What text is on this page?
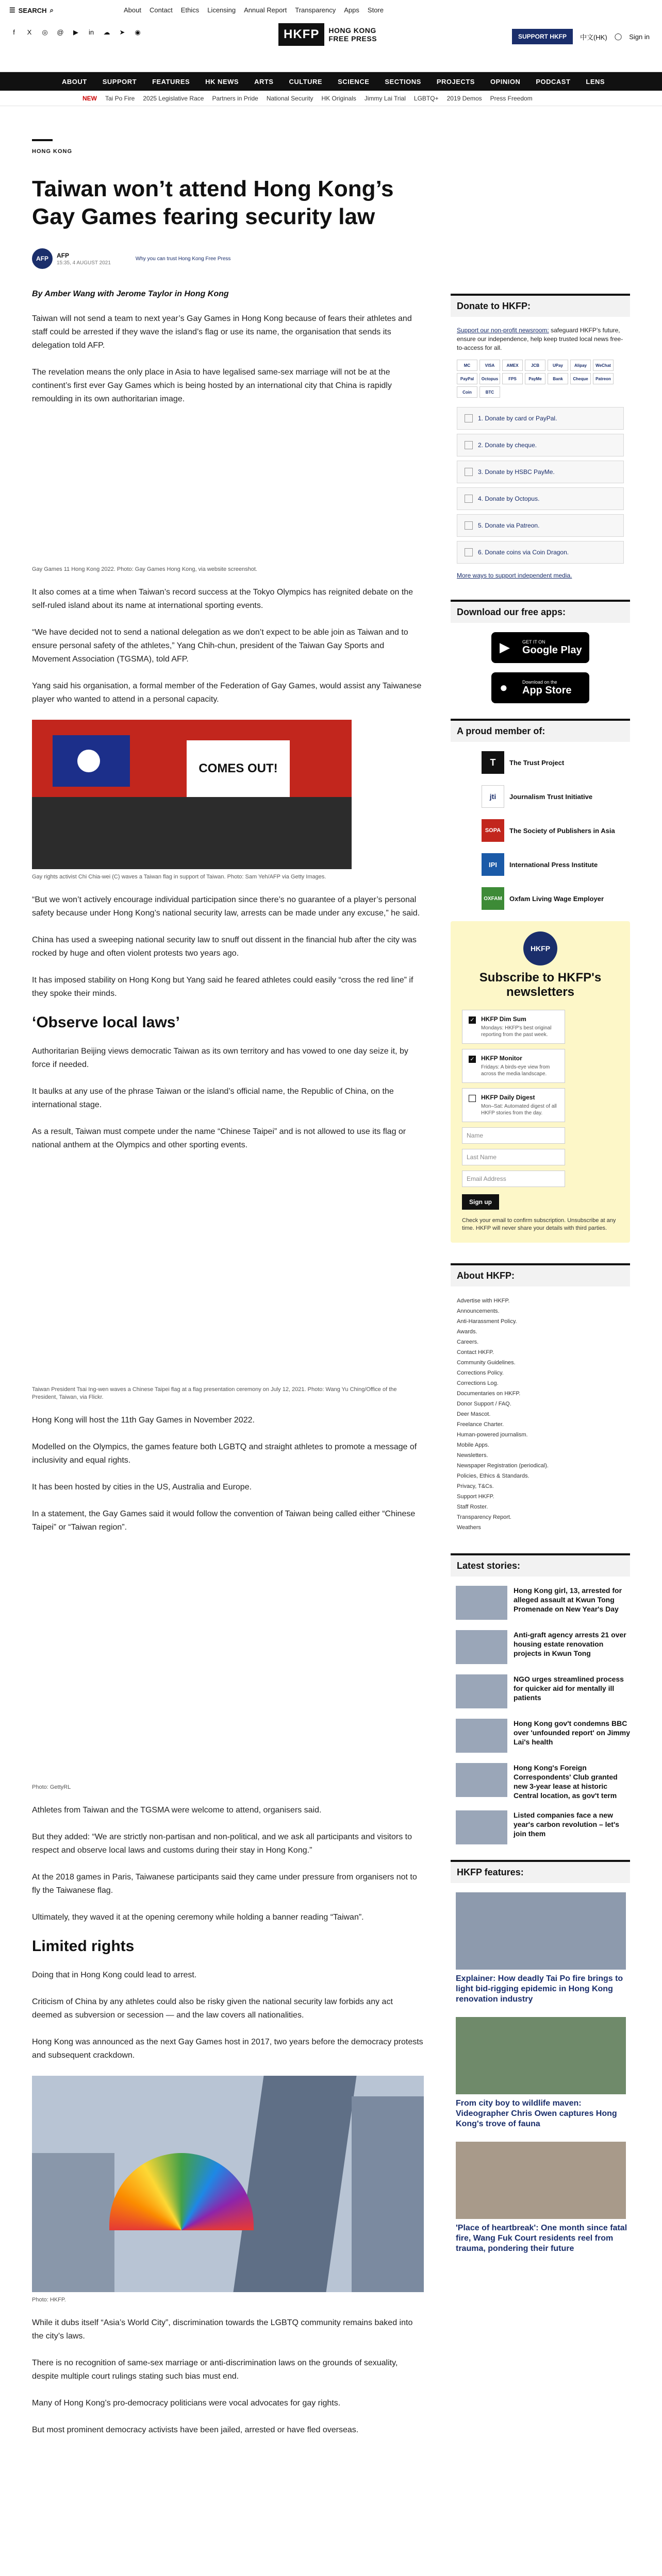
☰ SEARCH ⌕	About Contact Ethics Licensing Annual Report Transparency Apps Store
f	X	◎ @	▶	in	☁ ➤ ◉	HKFP	HONG KONG
FREE PRESS	SUPPORT HKFP	中文(HK) ◯ Sign in
ABOUT SUPPORT FEATURES HK NEWS ARTS CULTURE SCIENCE SECTIONS PROJECTS OPINION PODCAST LENS
NEW Tai Po Fire 2025 Legislative Race Partners in Pride National Security HK Originals Jimmy Lai Trial LGBTQ+ 2019 Demos Press Freedom
HONG KONG
Taiwan won’t attend Hong Kong’s Gay Games fearing security law
AFP	AFP
15:35, 4 AUGUST 2021
Why you can trust Hong Kong Free Press
By Amber Wang with Jerome Taylor in Hong Kong

Taiwan will not send a team to next year’s Gay Games in Hong Kong because of fears their athletes and staff could be arrested if they wave the island’s flag or use its name, the organisation that sends its delegation told AFP.

The revelation means the only place in Asia to have legalised same-sex marriage will not be at the continent’s first ever Gay Games which is being hosted by an international city that China is rapidly remoulding in its own authoritarian image.

Gay Games 11 Hong Kong 2022. Photo: Gay Games Hong Kong, via website screenshot.

It also comes at a time when Taiwan’s record success at the Tokyo Olympics has reignited debate on the self-ruled island about its name at international sporting events.

“We have decided not to send a national delegation as we don’t expect to be able join as Taiwan and to ensure personal safety of the athletes,” Yang Chih-chun, president of the Taiwan Gay Sports and Movement Association (TGSMA), told AFP.

Yang said his organisation, a formal member of the Federation of Gay Games, would assist any Taiwanese player who wanted to attend in a personal capacity.

COMES OUT!
Gay rights activist Chi Chia-wei (C) waves a Taiwan flag in support of Taiwan. Photo: Sam Yeh/AFP via Getty Images.

“But we won’t actively encourage individual participation since there’s no guarantee of a player’s personal safety because under Hong Kong’s national security law, arrests can be made under any excuse,” he said.

China has used a sweeping national security law to snuff out dissent in the financial hub after the city was rocked by huge and often violent protests two years ago.

It has imposed stability on Hong Kong but Yang said he feared athletes could easily “cross the red line” if they spoke their minds.

‘Observe local laws’

Authoritarian Beijing views democratic Taiwan as its own territory and has vowed to one day seize it, by force if needed.

It baulks at any use of the phrase Taiwan or the island’s official name, the Republic of China, on the international stage.

As a result, Taiwan must compete under the name “Chinese Taipei” and is not allowed to use its flag or national anthem at the Olympics and other sporting events.

Taiwan President Tsai Ing-wen waves a Chinese Taipei flag at a flag presentation ceremony on July 12, 2021. Photo: Wang Yu Ching/Office of the President, Taiwan, via Flickr.

Hong Kong will host the 11th Gay Games in November 2022.

Modelled on the Olympics, the games feature both LGBTQ and straight athletes to promote a message of inclusivity and equal rights.

It has been hosted by cities in the US, Australia and Europe.

In a statement, the Gay Games said it would follow the convention of Taiwan being called either “Chinese Taipei” or “Taiwan region”.

Photo: GettyRL

Athletes from Taiwan and the TGSMA were welcome to attend, organisers said.

But they added: “We are strictly non-partisan and non-political, and we ask all participants and visitors to respect and observe local laws and customs during their stay in Hong Kong.”

At the 2018 games in Paris, Taiwanese participants said they came under pressure from organisers not to fly the Taiwanese flag.

Ultimately, they waved it at the opening ceremony while holding a banner reading “Taiwan”.

Limited rights

Doing that in Hong Kong could lead to arrest.

Criticism of China by any athletes could also be risky given the national security law forbids any act deemed as subversion or secession — and the law covers all nationalities.

Hong Kong was announced as the next Gay Games host in 2017, two years before the democracy protests and subsequent crackdown.

Photo: HKFP.

While it dubs itself “Asia’s World City”, discrimination towards the LGBTQ community remains baked into the city’s laws.

There is no recognition of same-sex marriage or anti-discrimination laws on the grounds of sexuality, despite multiple court rulings stating such bias must end.

Many of Hong Kong’s pro-democracy politicians were vocal advocates for gay rights.

But most prominent democracy activists have been jailed, arrested or have fled overseas.

Donate to HKFP:
Support our non-profit newsroom: safeguard HKFP’s future, ensure our independence, help keep trusted local news free-to-access for all.
MC	VISA	AMEX	JCB	UPay	Alipay	WeChat
PayPal	Octopus	FPS	PayMe	Bank	Cheque	Patreon
Coin	BTC
1. Donate by card or PayPal.
2. Donate by cheque.
3. Donate by HSBC PayMe.
4. Donate by Octopus.
5. Donate via Patreon.
6. Donate coins via Coin Dragon.
More ways to support independent media.
Download our free apps:
▶	GET IT ON
Google Play
●	Download on the
App Store
A proud member of:
T	The Trust Project
jti	Journalism Trust Initiative
SOPA	The Society of Publishers in Asia
IPI	International Press Institute
OXFAM	Oxfam Living Wage Employer
HKFP
Subscribe to HKFP's newsletters
✓ HKFP Dim Sum
Mondays: HKFP's best original reporting from the past week.
✓ HKFP Monitor
Fridays: A birds-eye view from across the media landscape.
HKFP Daily Digest
Mon–Sat: Automated digest of all HKFP stories from the day.
Name
Last Name
Email Address
Sign up
Check your email to confirm subscription. Unsubscribe at any time. HKFP will never share your details with third parties.
About HKFP:
Advertise with HKFP.
Announcements.
Anti-Harassment Policy.
Awards.
Careers.
Contact HKFP.
Community Guidelines.
Corrections Policy.
Corrections Log.
Documentaries on HKFP.
Donor Support / FAQ.
Deer Mascot.
Freelance Charter.
Human-powered journalism.
Mobile Apps.
Newsletters.
Newspaper Registration (periodical).
Policies, Ethics & Standards.
Privacy, T&Cs.
Support HKFP.
Staff Roster.
Transparency Report.
Weathers
Latest stories:
Hong Kong girl, 13, arrested for alleged assault at Kwun Tong Promenade on New Year's Day
Anti-graft agency arrests 21 over housing estate renovation projects in Kwun Tong
NGO urges streamlined process for quicker aid for mentally ill patients
Hong Kong gov't condemns BBC over 'unfounded report' on Jimmy Lai's health
Hong Kong's Foreign Correspondents' Club granted new 3-year lease at historic Central location, as gov't term
Listed companies face a new year's carbon revolution – let's join them
HKFP features:
Explainer: How deadly Tai Po fire brings to light bid-rigging epidemic in Hong Kong renovation industry
From city boy to wildlife maven: Videographer Chris Owen captures Hong Kong's trove of fauna
'Place of heartbreak': One month since fatal fire, Wang Fuk Court residents reel from trauma, pondering their future
